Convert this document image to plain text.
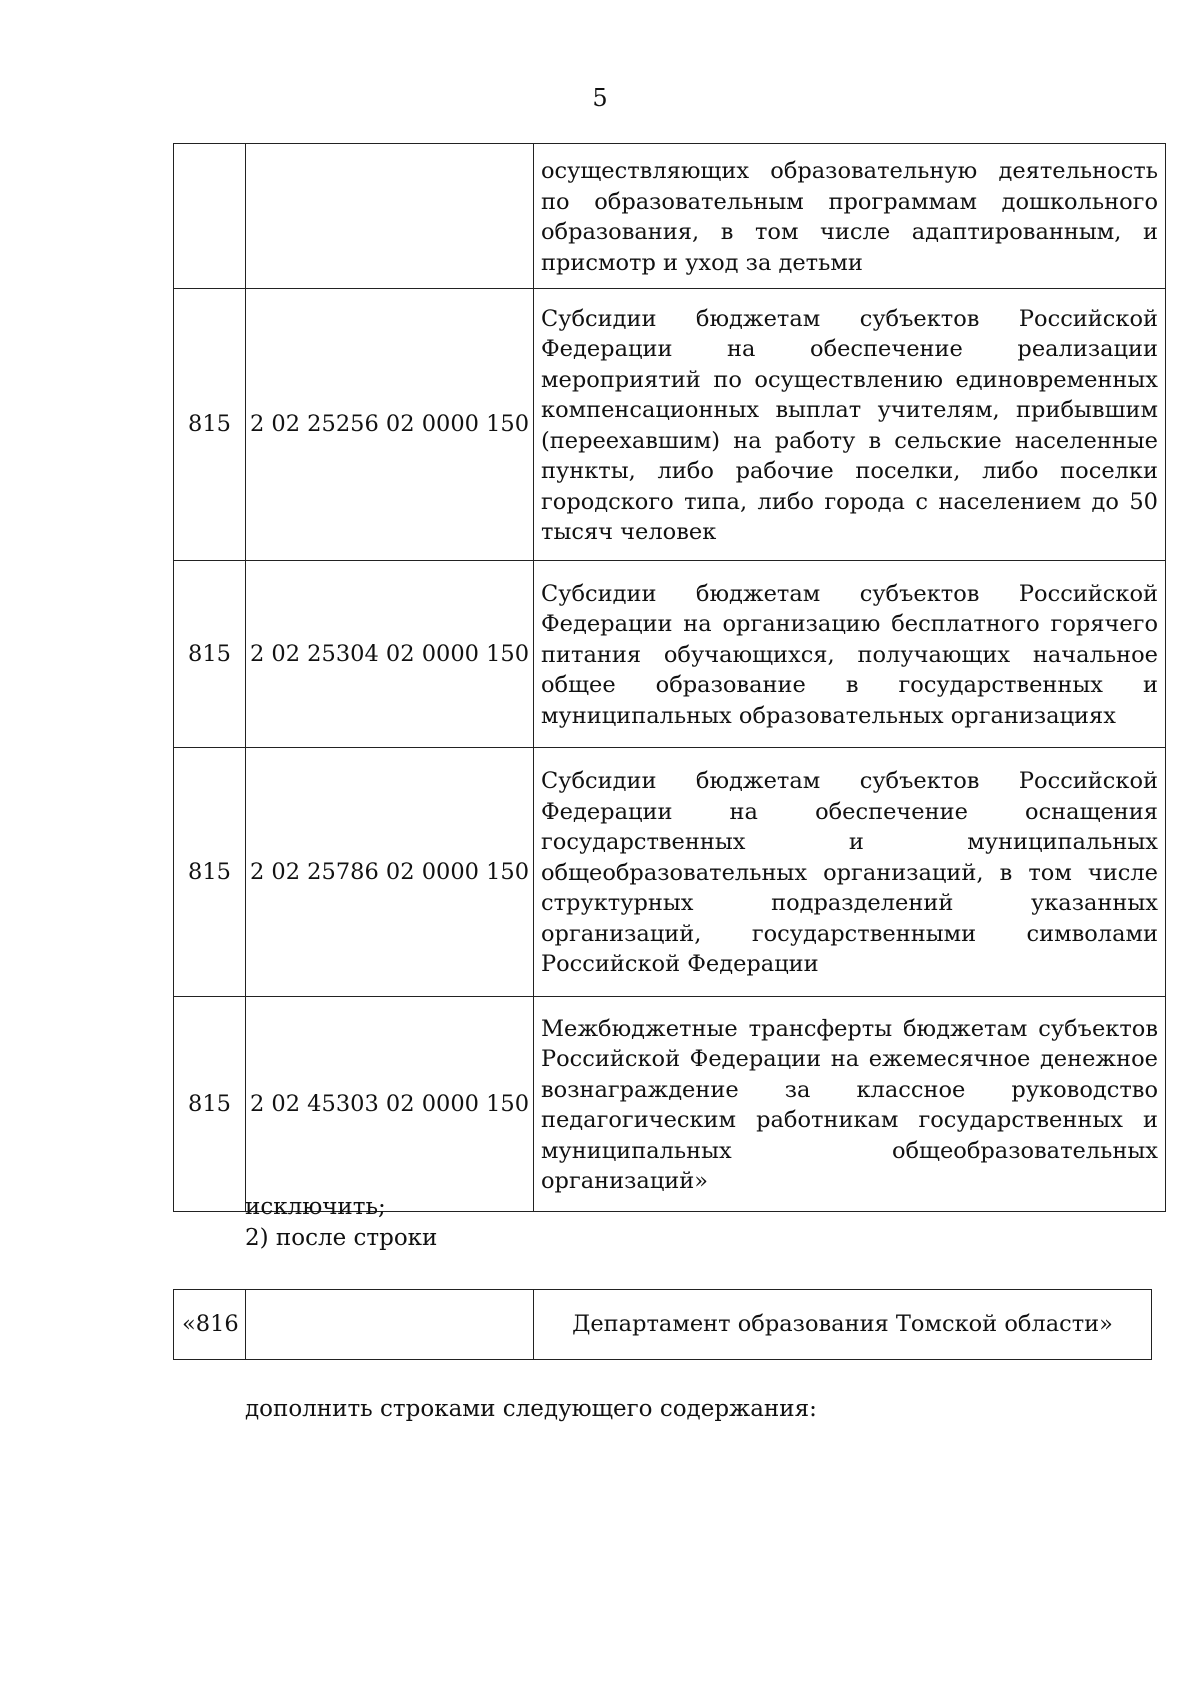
5
		осуществляющих образовательную деятельность по образовательным программам дошкольного образования, в том числе адаптированным, и присмотр и уход за детьми
815	2 02 25256 02 0000 150	Субсидии бюджетам субъектов Российской Федерации на обеспечение реализации мероприятий по осуществлению единовременных компенсационных выплат учителям, прибывшим (переехавшим) на работу в сельские населенные пункты, либо рабочие поселки, либо поселки городского типа, либо города с населением до 50 тысяч человек
815	2 02 25304 02 0000 150	Субсидии бюджетам субъектов Российской Федерации на организацию бесплатного горячего питания обучающихся, получающих начальное общее образование в государственных и муниципальных образовательных организациях
815	2 02 25786 02 0000 150	Субсидии бюджетам субъектов Российской Федерации на обеспечение оснащения государственных и муниципальных общеобразовательных организаций, в том числе структурных подразделений указанных организаций, государственными символами Российской Федерации
815	2 02 45303 02 0000 150	Межбюджетные трансферты бюджетам субъектов Российской Федерации на ежемесячное денежное вознаграждение за классное руководство педагогическим работникам государственных и муниципальных общеобразовательных организаций»
исключить;
2) после строки
«816		Департамент образования Томской области»
дополнить строками следующего содержания:
